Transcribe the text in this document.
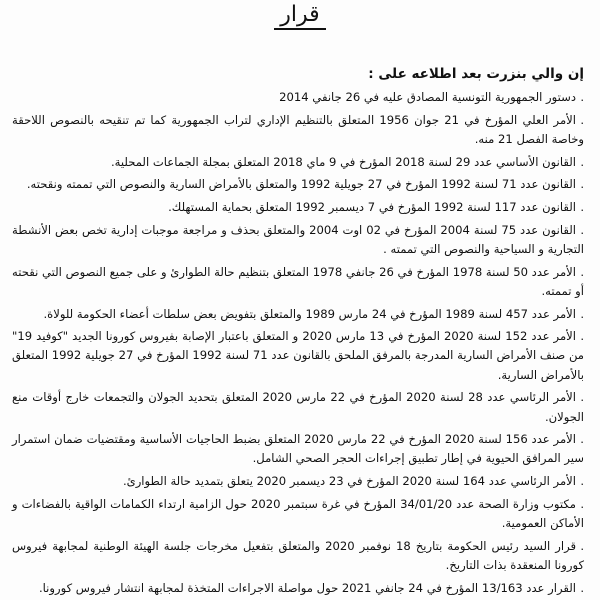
قرار
إن والي بنزرت بعد اطلاعه على :

.دستور الجمهورية التونسية المصادق عليه في 26 جانفي 2014

.الأمر العلي المؤرخ في 21 جوان 1956 المتعلق بالتنظيم الإداري لتراب الجمهورية كما تم تنقيحه بالنصوص اللاحقة وخاصة الفصل 21 منه.

.القانون الأساسي عدد 29 لسنة 2018 المؤرخ في 9 ماي 2018 المتعلق بمجلة الجماعات المحلية.

.القانون عدد 71 لسنة 1992 المؤرخ في 27 جويلية 1992 والمتعلق بالأمراض السارية والنصوص التي تممته ونقحته.

.القانون عدد 117 لسنة 1992 المؤرخ في 7 ديسمبر 1992 المتعلق بحماية المستهلك.

.القانون عدد 75 لسنة 2004 المؤرخ في 02 اوت 2004 والمتعلق بحذف و مراجعة موجبات إدارية تخص بعض الأنشطة التجارية و السياحية والنصوص التي تممته .

.الأمر عدد 50 لسنة 1978 المؤرخ في 26 جانفي 1978 المتعلق بتنظيم حالة الطوارئ و على جميع النصوص التي نقحته أو تممته.

.الأمر عدد 457 لسنة 1989 المؤرخ في 24 مارس 1989 والمتعلق بتفويض بعض سلطات أعضاء الحكومة للولاة.

.الأمر عدد 152 لسنة 2020 المؤرخ في 13 مارس 2020 و المتعلق باعتبار الإصابة بفيروس كورونا الجديد "كوفيد 19" من صنف الأمراض السارية المدرجة بالمرفق الملحق بالقانون عدد 71 لسنة 1992 المؤرخ في 27 جويلية 1992 المتعلق بالأمراض السارية.

.الأمر الرئاسي عدد 28 لسنة 2020 المؤرخ في 22 مارس 2020 المتعلق بتحديد الجولان والتجمعات خارج أوقات منع الجولان.

.الأمر عدد 156 لسنة 2020 المؤرخ في 22 مارس 2020 المتعلق بضبط الحاجيات الأساسية ومقتضيات ضمان استمرار سير المرافق الحيوية في إطار تطبيق إجراءات الحجر الصحي الشامل.

.الأمر الرئاسي عدد 164 لسنة 2020 المؤرخ في 23 ديسمبر 2020 يتعلق بتمديد حالة الطوارئ.

.مكتوب وزارة الصحة عدد 34/01/20 المؤرخ في غرة سبتمبر 2020 حول الزامية ارتداء الكمامات الواقية بالفضاءات و الأماكن العمومية.

.قرار السيد رئيس الحكومة بتاريخ 18 نوفمبر 2020 والمتعلق بتفعيل مخرجات جلسة الهيئة الوطنية لمجابهة فيروس كورونا المنعقدة بذات التاريخ.

.القرار عدد 13/163 المؤرخ في 24 جانفي 2021 حول مواصلة الاجراءات المتخذة لمجابهة انتشار فيروس كورونا.
